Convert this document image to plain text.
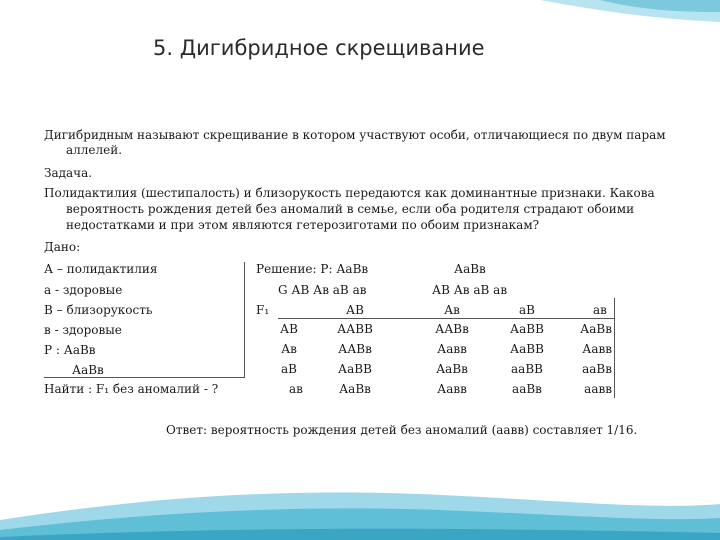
5. Дигибридное скрещивание
Дигибридным называют скрещивание в котором участвуют особи, отличающиеся по двум парам
аллелей.
Задача.
Полидактилия (шестипалость) и близорукость передаются как доминантные признаки. Какова
вероятность рождения детей без аномалий в семье, если оба родителя страдают обоими
недостатками и при этом являются гетерозиготами по обоим признакам?
Дано:
А – полидактилия
а - здоровые
В – близорукость
в - здоровые
Р : АаВв
АаВв
Найти : F₁ без аномалий - ?
Решение: Р: АаВв	АаВв
G АВ Ав аВ ав	АВ Ав аВ ав
F₁	АВ	Ав	аВ	ав
АВ	ААВВ	ААВв	АаВВ	АаВв
Ав	ААВв	Аавв	АаВВ	Аавв
аВ	АаВВ	АаВв	ааВВ	ааВв
ав	АаВв	Аавв	ааВв	аавв
Ответ: вероятность рождения детей без аномалий (аавв) составляет 1/16.
